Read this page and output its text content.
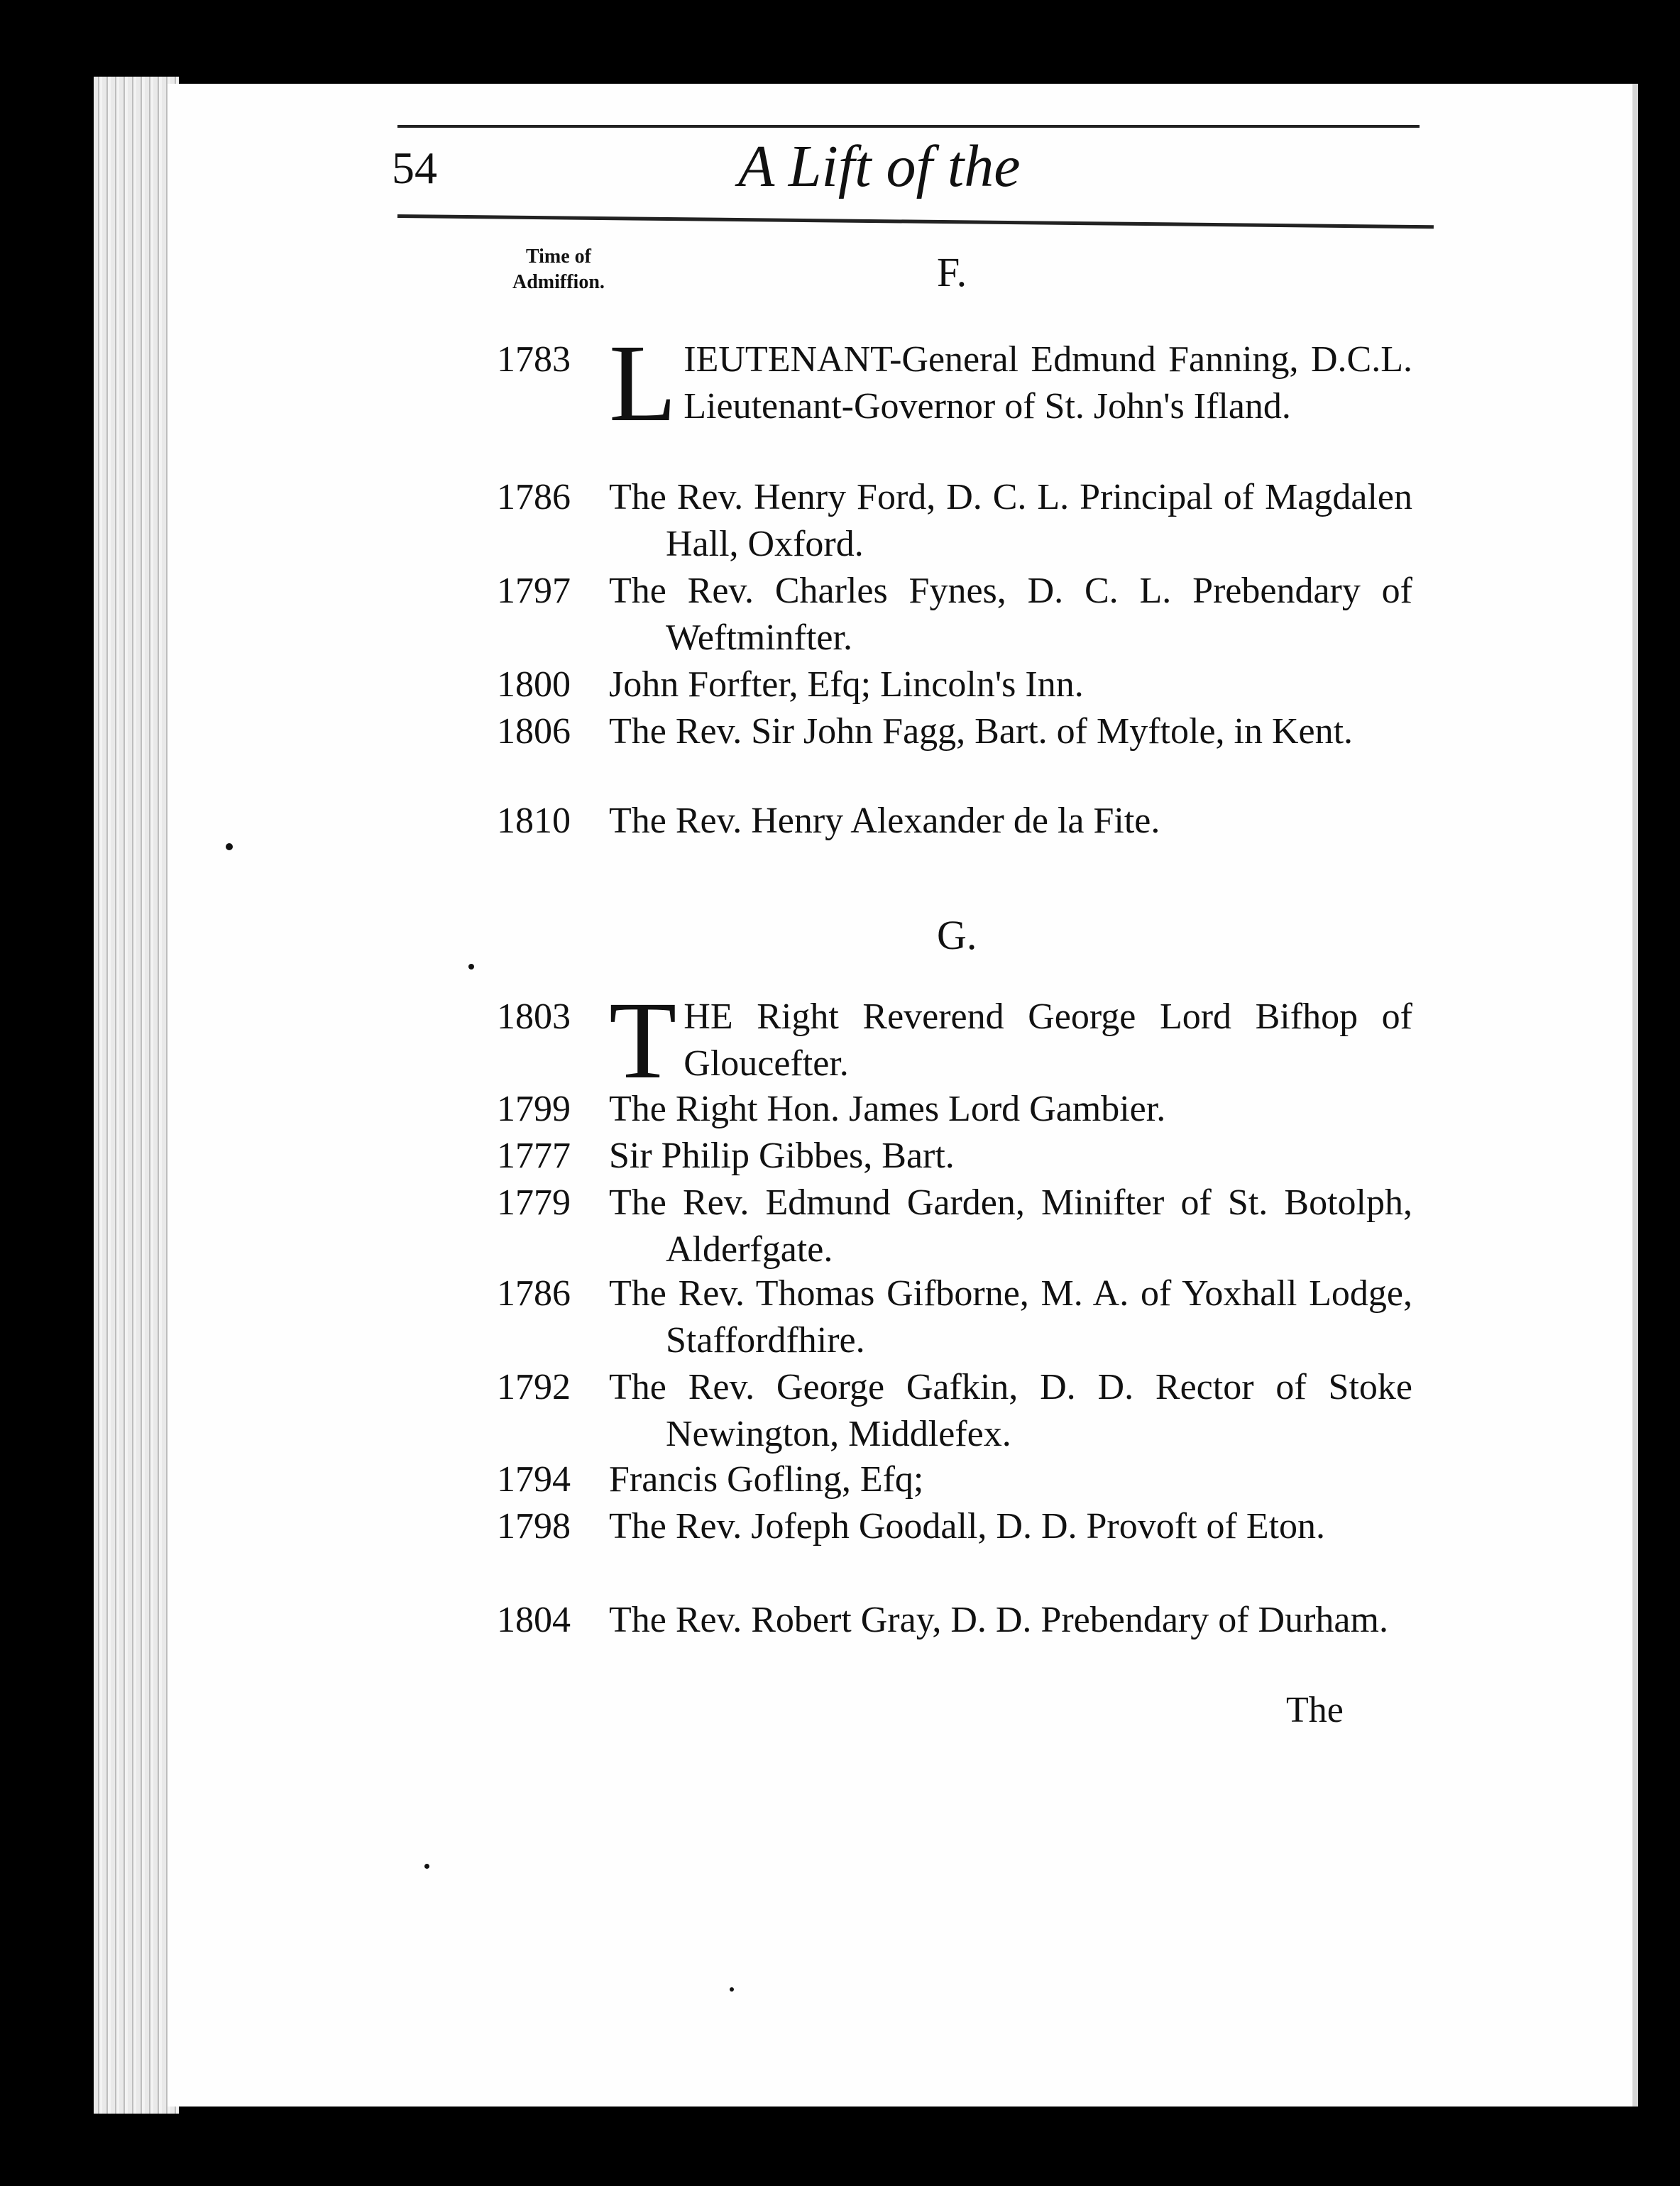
54	A Lift of the
Time of
Admiffion.	F.
1783 L IEUTENANT-General Edmund Fanning, D.C.L. Lieutenant-Governor of St. John's Ifland.
1786	The Rev. Henry Ford, D. C. L. Principal of Magdalen Hall, Oxford.
1797	The Rev. Charles Fynes, D. C. L. Prebendary of Weftminfter.
1800	John Forfter, Efq; Lincoln's Inn.
1806	The Rev. Sir John Fagg, Bart. of Myftole, in Kent.
1810	The Rev. Henry Alexander de la Fite.
G.
1803 T HE Right Reverend George Lord Bifhop of Gloucefter.
1799	The Right Hon. James Lord Gambier.
1777	Sir Philip Gibbes, Bart.
1779	The Rev. Edmund Garden, Minifter of St. Botolph, Alderfgate.
1786	The Rev. Thomas Gifborne, M. A. of Yoxhall Lodge, Staffordfhire.
1792	The Rev. George Gafkin, D. D. Rector of Stoke Newington, Middlefex.
1794	Francis Gofling, Efq;
1798	The Rev. Jofeph Goodall, D. D. Provoft of Eton.
1804	The Rev. Robert Gray, D. D. Prebendary of Durham.
The
